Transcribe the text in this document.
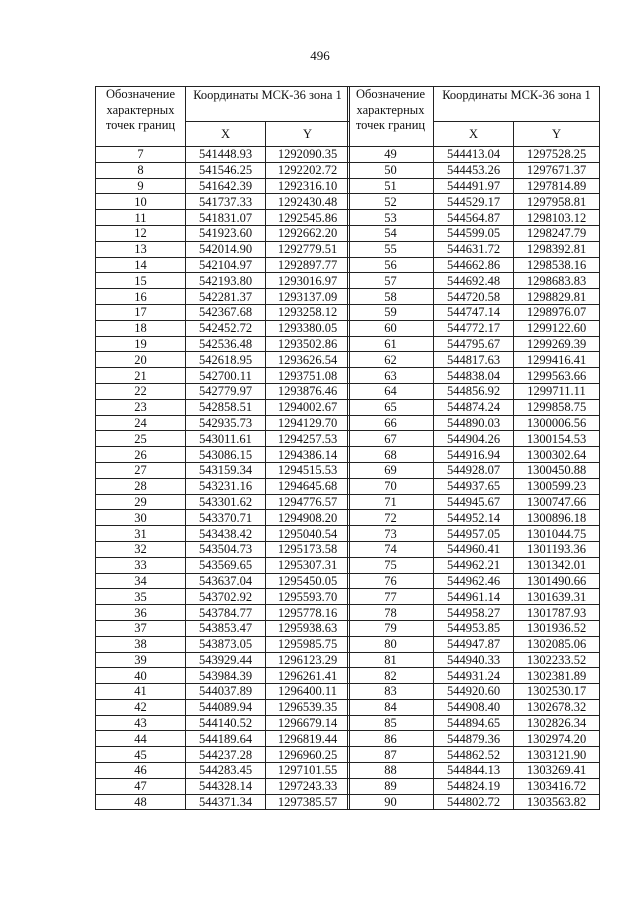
496
Обозначение характерных точек границ	Координаты МСК-36 зона 1	
	X	Y
7	541448.93	1292090.35
8	541546.25	1292202.72
9	541642.39	1292316.10
10	541737.33	1292430.48
11	541831.07	1292545.86
12	541923.60	1292662.20
13	542014.90	1292779.51
14	542104.97	1292897.77
15	542193.80	1293016.97
16	542281.37	1293137.09
17	542367.68	1293258.12
18	542452.72	1293380.05
19	542536.48	1293502.86
20	542618.95	1293626.54
21	542700.11	1293751.08
22	542779.97	1293876.46
23	542858.51	1294002.67
24	542935.73	1294129.70
25	543011.61	1294257.53
26	543086.15	1294386.14
27	543159.34	1294515.53
28	543231.16	1294645.68
29	543301.62	1294776.57
30	543370.71	1294908.20
31	543438.42	1295040.54
32	543504.73	1295173.58
33	543569.65	1295307.31
34	543637.04	1295450.05
35	543702.92	1295593.70
36	543784.77	1295778.16
37	543853.47	1295938.63
38	543873.05	1295985.75
39	543929.44	1296123.29
40	543984.39	1296261.41
41	544037.89	1296400.11
42	544089.94	1296539.35
43	544140.52	1296679.14
44	544189.64	1296819.44
45	544237.28	1296960.25
46	544283.45	1297101.55
47	544328.14	1297243.33
48	544371.34	1297385.57
Обозначение характерных точек границ	Координаты МСК-36 зона 1	
	X	Y
49	544413.04	1297528.25
50	544453.26	1297671.37
51	544491.97	1297814.89
52	544529.17	1297958.81
53	544564.87	1298103.12
54	544599.05	1298247.79
55	544631.72	1298392.81
56	544662.86	1298538.16
57	544692.48	1298683.83
58	544720.58	1298829.81
59	544747.14	1298976.07
60	544772.17	1299122.60
61	544795.67	1299269.39
62	544817.63	1299416.41
63	544838.04	1299563.66
64	544856.92	1299711.11
65	544874.24	1299858.75
66	544890.03	1300006.56
67	544904.26	1300154.53
68	544916.94	1300302.64
69	544928.07	1300450.88
70	544937.65	1300599.23
71	544945.67	1300747.66
72	544952.14	1300896.18
73	544957.05	1301044.75
74	544960.41	1301193.36
75	544962.21	1301342.01
76	544962.46	1301490.66
77	544961.14	1301639.31
78	544958.27	1301787.93
79	544953.85	1301936.52
80	544947.87	1302085.06
81	544940.33	1302233.52
82	544931.24	1302381.89
83	544920.60	1302530.17
84	544908.40	1302678.32
85	544894.65	1302826.34
86	544879.36	1302974.20
87	544862.52	1303121.90
88	544844.13	1303269.41
89	544824.19	1303416.72
90	544802.72	1303563.82
